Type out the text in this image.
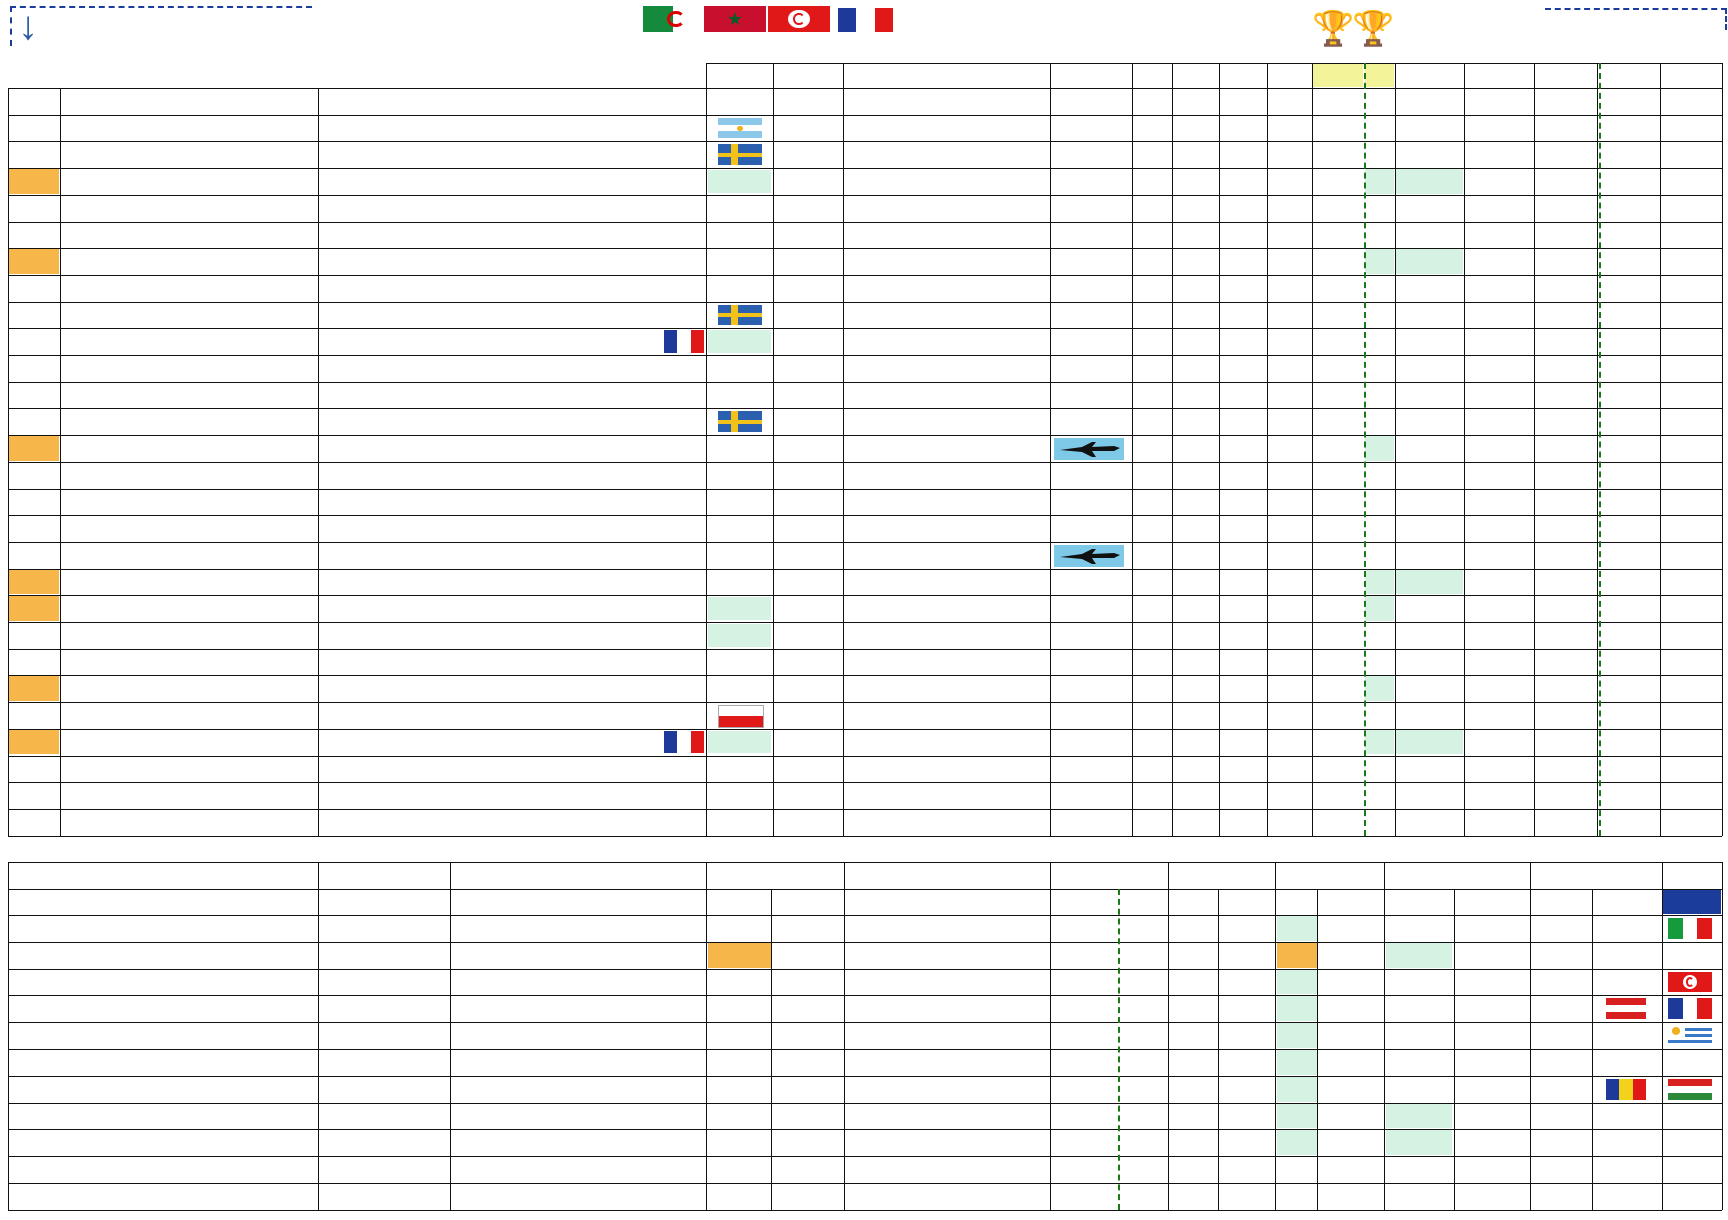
↓	★	🏆
🏆
